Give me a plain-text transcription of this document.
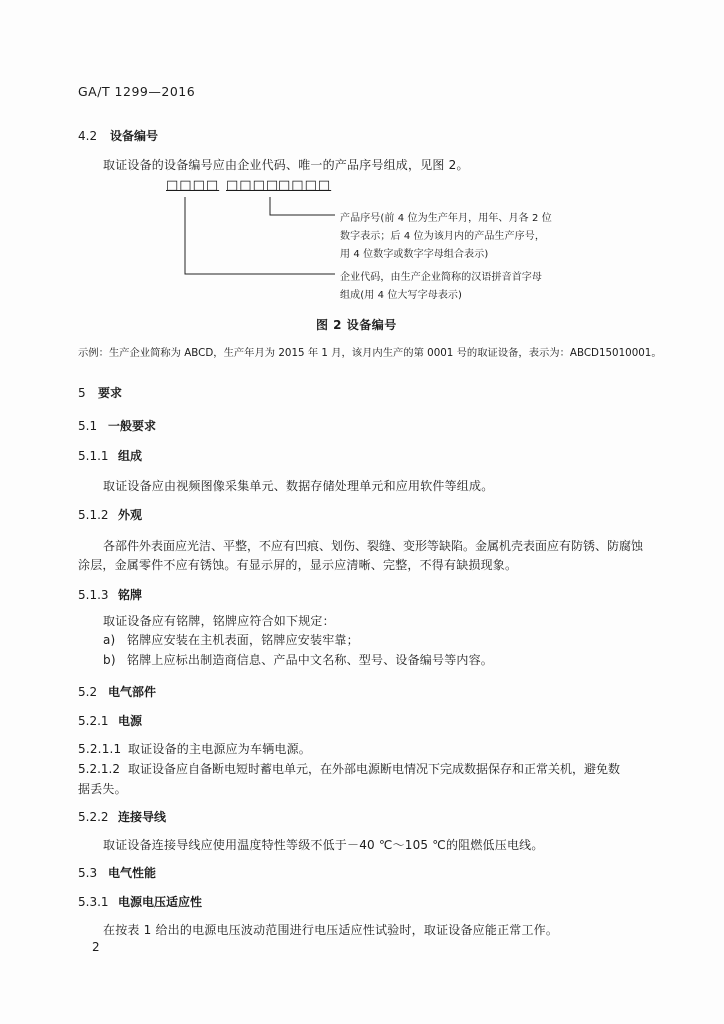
GA/T 1299—2016
4.2 设备编号
取证设备的设备编号应由企业代码、唯一的产品序号组成，见图 2。
□□□□ □□□□
□□□□
产品序号(前 4 位为生产年月，用年、月各 2 位
数字表示；后 4 位为该月内的产品生产序号，
用 4 位数字或数字字母组合表示)
企业代码，由生产企业简称的汉语拼音首字母
组成(用 4 位大写字母表示)
图 2 设备编号
示例：生产企业简称为 ABCD，生产年月为 2015 年 1 月，该月内生产的第 0001 号的取证设备，表示为：ABCD15010001。
5 要求
5.1 一般要求
5.1.1 组成
取证设备应由视频图像采集单元、数据存储处理单元和应用软件等组成。
5.1.2 外观
各部件外表面应光洁、平整，不应有凹痕、划伤、裂缝、变形等缺陷。金属机壳表面应有防锈、防腐蚀
涂层，金属零件不应有锈蚀。有显示屏的，显示应清晰、完整，不得有缺损现象。
5.1.3 铭牌
取证设备应有铭牌，铭牌应符合如下规定：
a) 铭牌应安装在主机表面，铭牌应安装牢靠；
b) 铭牌上应标出制造商信息、产品中文名称、型号、设备编号等内容。
5.2 电气部件
5.2.1 电源
5.2.1.1 取证设备的主电源应为车辆电源。
5.2.1.2 取证设备应自备断电短时蓄电单元，在外部电源断电情况下完成数据保存和正常关机，避免数
据丢失。
5.2.2 连接导线
取证设备连接导线应使用温度特性等级不低于－40 ℃～105 ℃的阻燃低压电线。
5.3 电气性能
5.3.1 电源电压适应性
在按表 1 给出的电源电压波动范围进行电压适应性试验时，取证设备应能正常工作。
2
